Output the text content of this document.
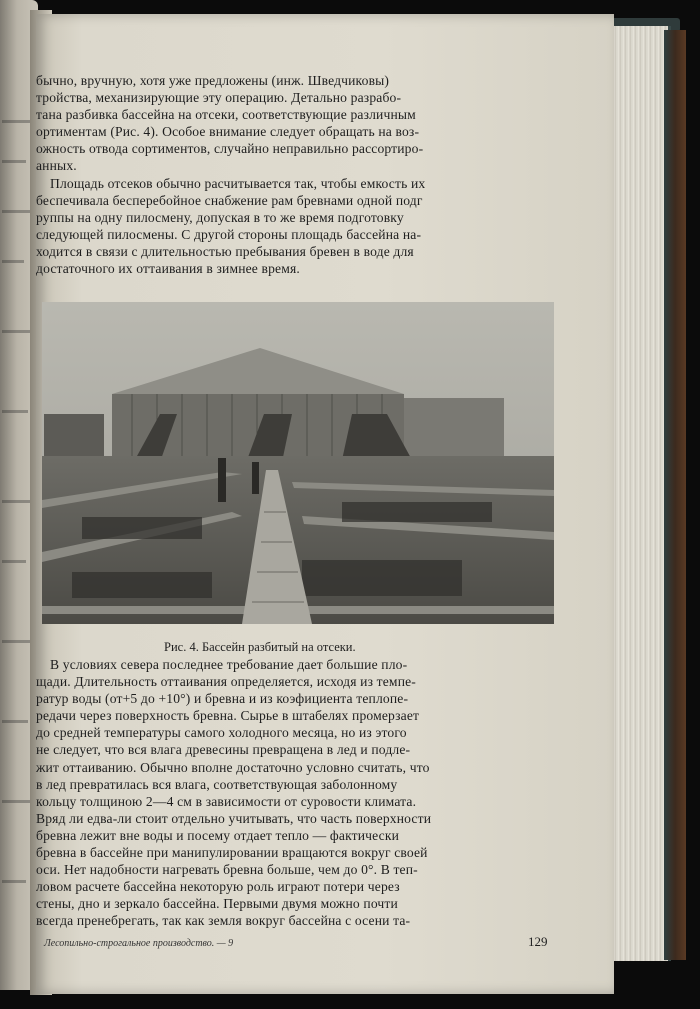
бычно, вручную, хотя уже предложены (инж. Шведчиковы)
тройства, механизирующие эту операцию. Детально разрабо-
тана разбивка бассейна на отсеки, соответствующие различным
ортиментам (Рис. 4). Особое внимание следует обращать на воз-
ожность отвода сортиментов, случайно неправильно рассортиро-
анных.
Площадь отсеков обычно расчитывается так, чтобы емкость их
беспечивала бесперебойное снабжение рам бревнами одной подг
руппы на одну пилосмену, допуская в то же время подготовку
следующей пилосмены. С другой стороны площадь бассейна на-
ходится в связи с длительностью пребывания бревен в воде для
достаточного их оттаивания в зимнее время.
Рис. 4. Бассейн разбитый на отсеки.
В условиях севера последнее требование дает большие пло-
щади. Длительность оттаивания определяется, исходя из темпе-
ратур воды (от+5 до +10°) и бревна и из коэфициента теплопе-
редачи через поверхность бревна. Сырье в штабелях промерзает
до средней температуры самого холодного месяца, но из этого
не следует, что вся влага древесины превращена в лед и подле-
жит оттаиванию. Обычно вполне достаточно условно считать, что
в лед превратилась вся влага, соответствующая заболонному
кольцу толщиною 2—4 см в зависимости от суровости климата.
Вряд ли едва-ли стоит отдельно учитывать, что часть поверхности
бревна лежит вне воды и посему отдает тепло — фактически
бревна в бассейне при манипулировании вращаются вокруг своей
оси. Нет надобности нагревать бревна больше, чем до 0°. В теп-
ловом расчете бассейна некоторую роль играют потери через
стены, дно и зеркало бассейна. Первыми двумя можно почти
всегда пренебрегать, так как земля вокруг бассейна с осени та-
Лесопильно-строгальное производство. — 9	129
